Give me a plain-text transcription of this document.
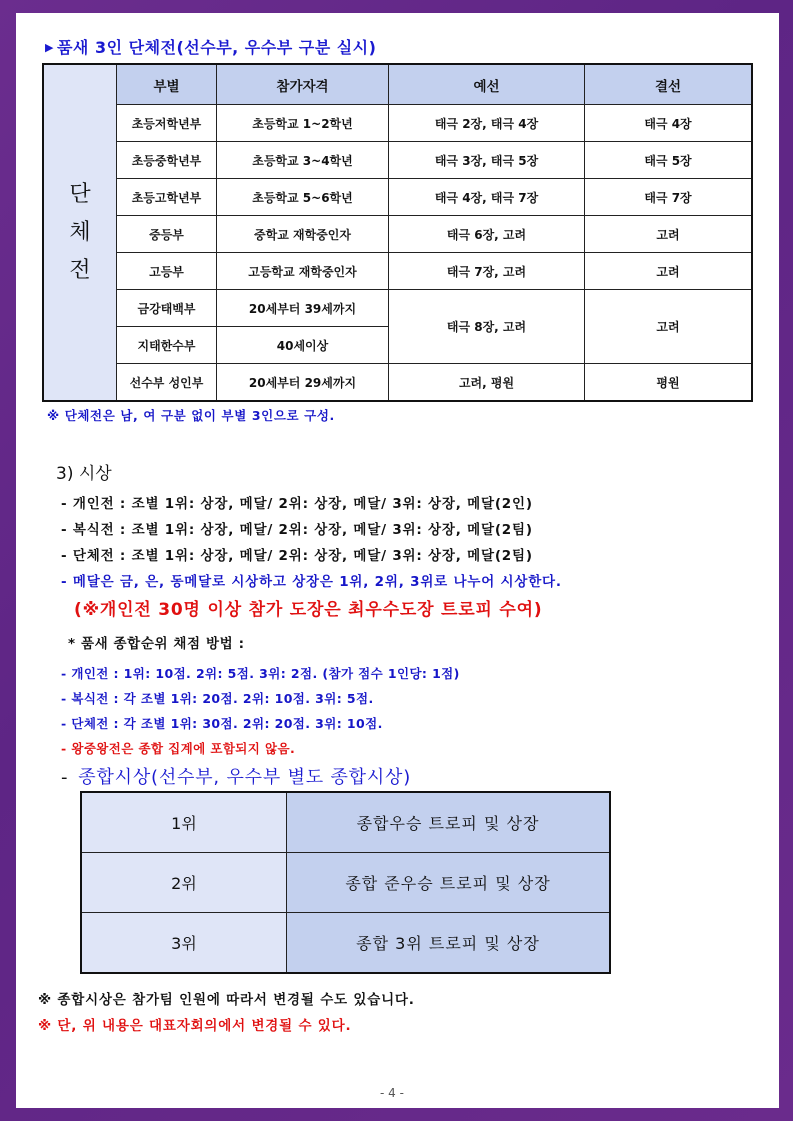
▶ 품새 3인 단체전(선수부, 우수부 구분 실시)
단
체
전	부별	참가자격	예선	결선
	초등저학년부	초등학교 1~2학년	태극 2장, 태극 4장	태극 4장
	초등중학년부	초등학교 3~4학년	태극 3장, 태극 5장	태극 5장
	초등고학년부	초등학교 5~6학년	태극 4장, 태극 7장	태극 7장
	중등부	중학교 재학중인자	태극 6장, 고려	고려
	고등부	고등학교 재학중인자	태극 7장, 고려	고려
	금강태백부	20세부터 39세까지	태극 8장, 고려	고려
	지태한수부	40세이상		
	선수부 성인부	20세부터 29세까지	고려, 평원	평원
※ 단체전은 남, 여 구분 없이 부별 3인으로 구성.
3) 시상
- 개인전 : 조별 1위: 상장, 메달/ 2위: 상장, 메달/ 3위: 상장, 메달(2인)
- 복식전 : 조별 1위: 상장, 메달/ 2위: 상장, 메달/ 3위: 상장, 메달(2팀)
- 단체전 : 조별 1위: 상장, 메달/ 2위: 상장, 메달/ 3위: 상장, 메달(2팀)
- 메달은 금, 은, 동메달로 시상하고 상장은 1위, 2위, 3위로 나누어 시상한다.
(※개인전 30명 이상 참가 도장은 최우수도장 트로피 수여)
* 품새 종합순위 채점 방법 :
- 개인전 : 1위: 10점. 2위: 5점. 3위: 2점. (참가 점수 1인당: 1점)
- 복식전 : 각 조별 1위: 20점. 2위: 10점. 3위: 5점.
- 단체전 : 각 조별 1위: 30점. 2위: 20점. 3위: 10점.
- 왕중왕전은 종합 집계에 포함되지 않음.
- 종합시상(선수부, 우수부 별도 종합시상)
1위	종합우승 트로피 및 상장
2위	종합 준우승 트로피 및 상장
3위	종합 3위 트로피 및 상장
※ 종합시상은 참가팀 인원에 따라서 변경될 수도 있습니다.
※ 단, 위 내용은 대표자회의에서 변경될 수 있다.
- 4 -
